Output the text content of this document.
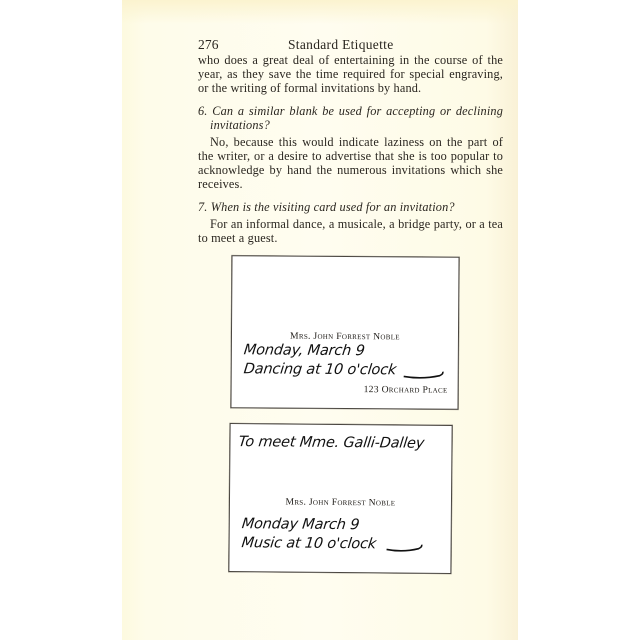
276	Standard Etiquette

who does a great deal of entertaining in the course of the year, as they save the time required for special engraving, or the writing of formal invitations by hand.

6. Can a similar blank be used for accepting or declining invitations?

No, because this would indicate laziness on the part of the writer, or a desire to advertise that she is too popular to acknowledge by hand the numerous invitations which she receives.

7. When is the visiting card used for an invitation?

For an informal dance, a musicale, a bridge party, or a tea to meet a guest.

Mrs. John Forrest Noble
Monday, March 9
Dancing at 10 o'clock
123 Orchard Place
To meet Mme. Galli-Dalley
Mrs. John Forrest Noble
Monday March 9
Music at 10 o'clock
